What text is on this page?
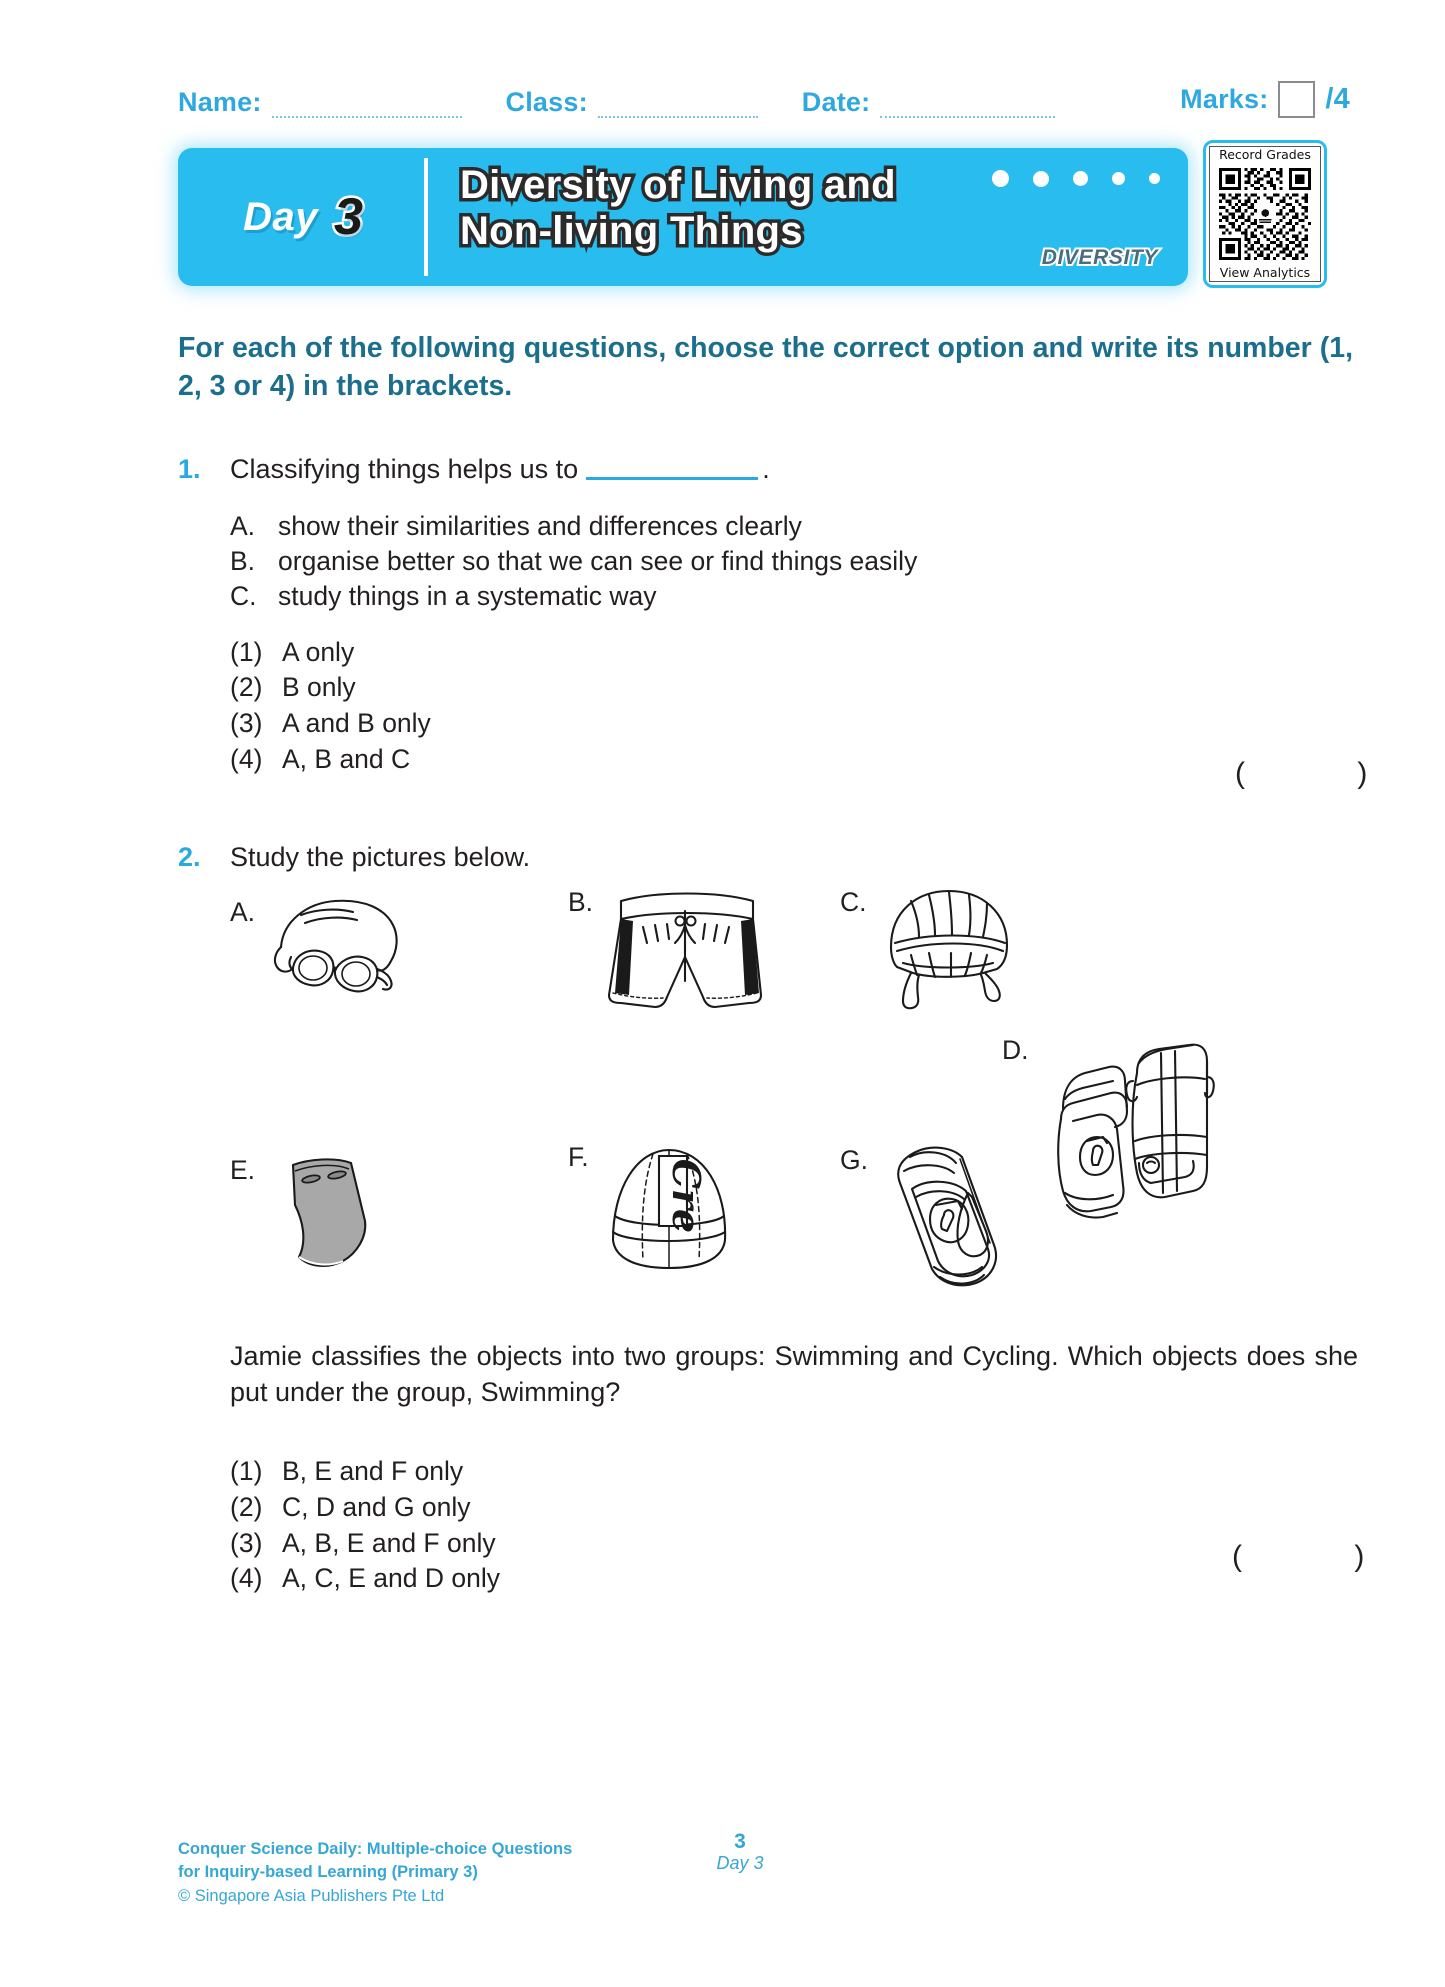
Name:	Class:	Date:	Marks: /4
Day 3
Diversity of Living and
Non-living Things
DIVERSITY
Record Grades
View Analytics
For each of the following questions, choose the correct option and write its number (1, 2, 3 or 4) in the brackets.
1.	Classifying things helps us to	.
A. show their similarities and differences clearly
B. organise better so that we can see or find things easily
C. study things in a systematic way
(1) A only
(2) B only
(3) A and B only
(4) A, B and C	( )
2.	Study the pictures below.
A.	B.	C.
D.
E.	F.
Cre	G.
Jamie classifies the objects into two groups: Swimming and Cycling. Which objects does she put under the group, Swimming?
(1) B, E and F only
(2) C, D and G only
(3) A, B, E and F only
(4) A, C, E and D only
( )
Conquer Science Daily: Multiple-choice Questions
for Inquiry-based Learning (Primary 3)
© Singapore Asia Publishers Pte Ltd
3
Day 3
